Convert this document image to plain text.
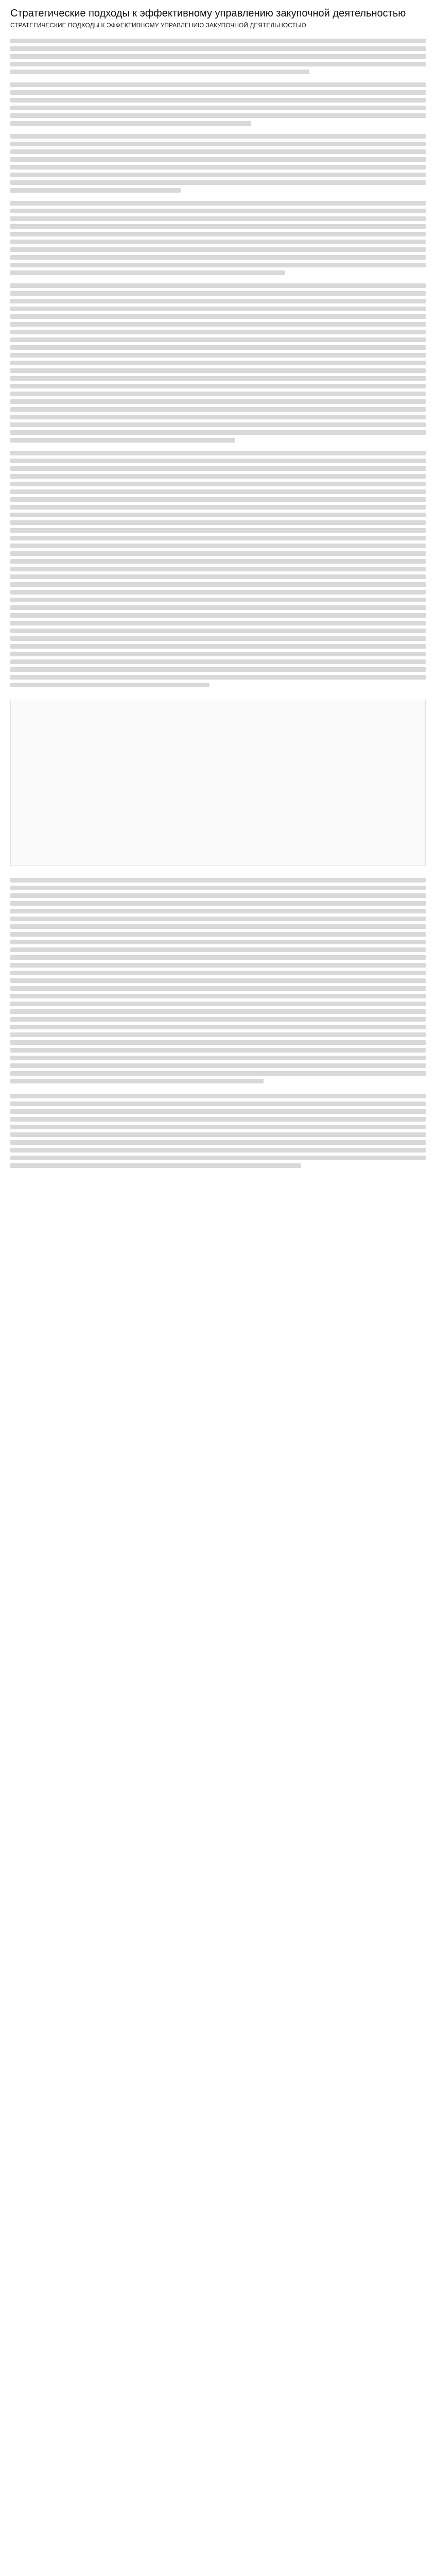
Стратегические подходы к эффективному управлению закупочной деятельностью
СТРАТЕГИЧЕСКИЕ ПОДХОДЫ К ЭФФЕКТИВНОМУ УПРАВЛЕНИЮ ЗАКУПОЧНОЙ ДЕЯТЕЛЬНОСТЬЮ
